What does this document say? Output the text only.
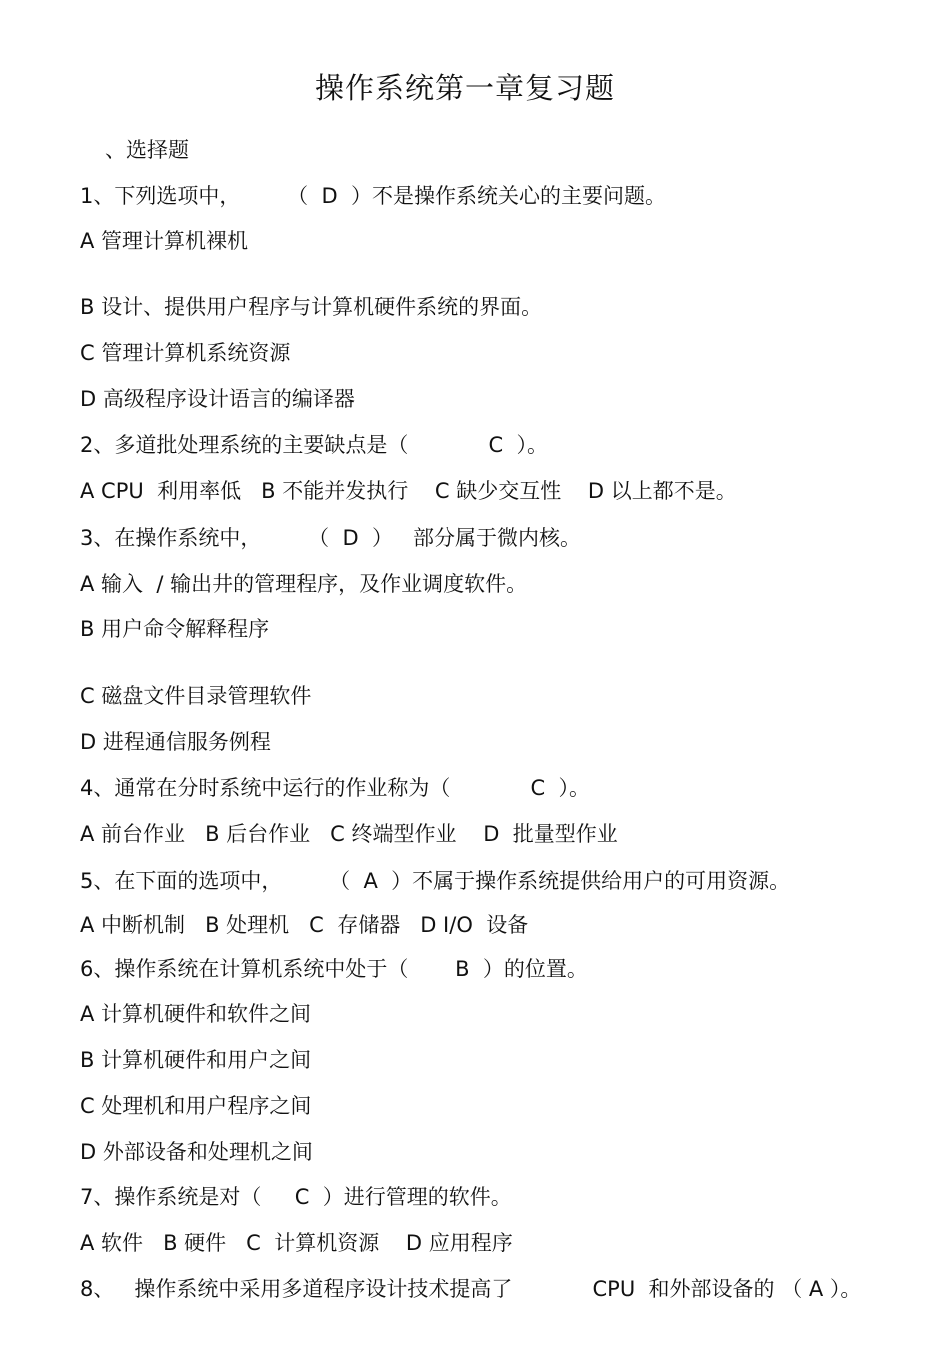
操作系统第一章复习题
、选择题
1、下列选项中，       （  D  ）不是操作系统关心的主要问题。
A 管理计算机裸机
B 设计、提供用户程序与计算机硬件系统的界面。
C 管理计算机系统资源
D 高级程序设计语言的编译器
2、多道批处理系统的主要缺点是（            C  ）。
A CPU  利用率低   B 不能并发执行    C 缺少交互性    D 以上都不是。
3、在操作系统中，       （  D  ）   部分属于微内核。
A 输入  / 输出井的管理程序，及作业调度软件。
B 用户命令解释程序
C 磁盘文件目录管理软件
D 进程通信服务例程
4、通常在分时系统中运行的作业称为（            C  ）。
A 前台作业   B 后台作业   C 终端型作业    D  批量型作业
5、在下面的选项中，       （  A  ）不属于操作系统提供给用户的可用资源。
A 中断机制   B 处理机   C  存储器   D I/O  设备
6、操作系统在计算机系统中处于（       B  ）的位置。
A 计算机硬件和软件之间
B 计算机硬件和用户之间
C 处理机和用户程序之间
D 外部设备和处理机之间
7、操作系统是对（     C  ）进行管理的软件。
A 软件   B 硬件   C  计算机资源    D 应用程序
8、   操作系统中采用多道程序设计技术提高了            CPU  和外部设备的 （ A ）。
